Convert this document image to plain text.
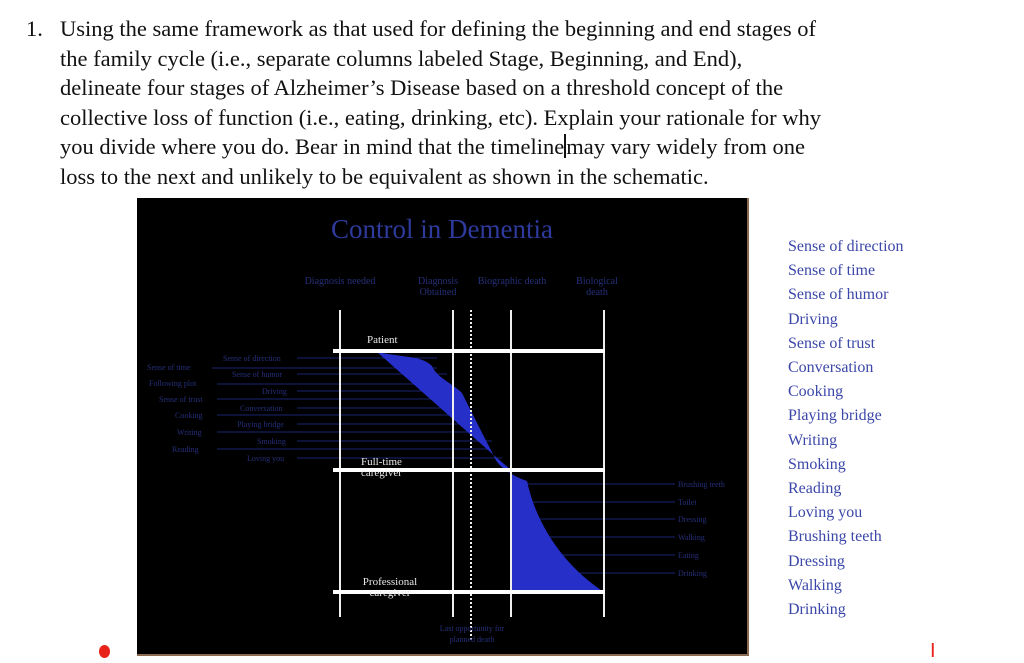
1. Using the same framework as that used for defining the beginning and end stages of
the family cycle (i.e., separate columns labeled Stage, Beginning, and End),
delineate four stages of Alzheimer’s Disease based on a threshold concept of the
collective loss of function (i.e., eating, drinking, etc). Explain your rationale for why
you divide where you do. Bear in mind that the timelinemay vary widely from one
loss to the next and unlikely to be equivalent as shown in the schematic.
Control in Dementia
Diagnosis needed	Diagnosis Obtained
Biographic death	Biological death
Patient
Full-time caregiver
Professional caregiver
Sense of time
Following plot
Sense of trust
Cooking
Writing
Reading
Sense of direction
Sense of humor
Driving
Conversation
Playing bridge
Smoking
Loving you
Brushing teeth
Toilet
Dressing
Walking
Eating
Drinking
Last opportunity for planned death
Sense of direction
Sense of time
Sense of humor
Driving
Sense of trust
Conversation
Cooking
Playing bridge
Writing
Smoking
Reading
Loving you
Brushing teeth
Dressing
Walking
Drinking
I
